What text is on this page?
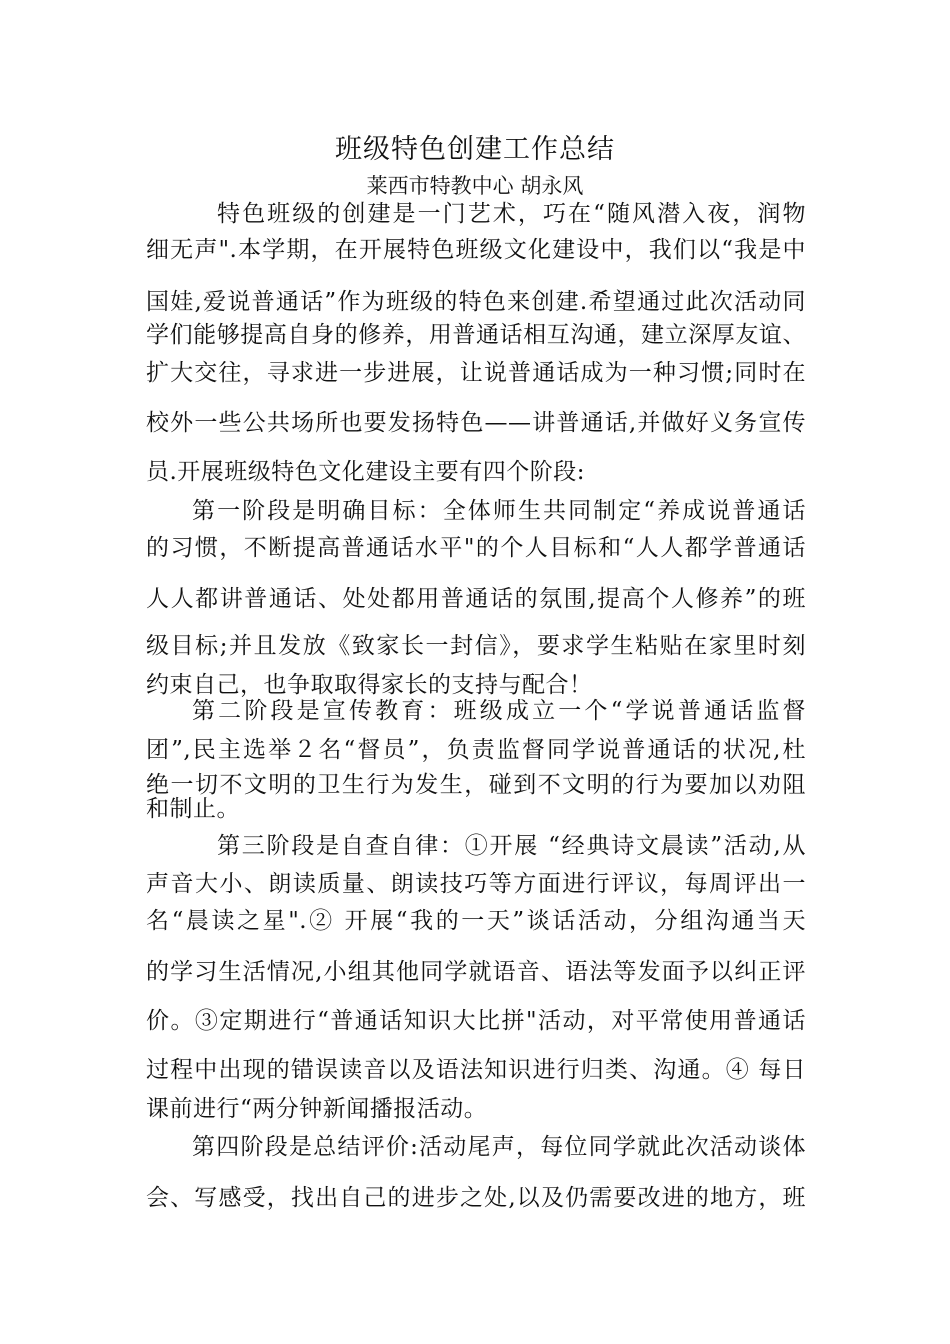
班级特色创建工作总结
莱西市特教中心 胡永风
特色班级的创建是一门艺术，巧在“随风潜入夜，润物
细无声".本学期，在开展特色班级文化建设中，我们以“我是中
国娃,爱说普通话”作为班级的特色来创建.希望通过此次活动同
学们能够提高自身的修养，用普通话相互沟通，建立深厚友谊、
扩大交往，寻求进一步进展，让说普通话成为一种习惯;同时在
校外一些公共场所也要发扬特色——讲普通话,并做好义务宣传
员.开展班级特色文化建设主要有四个阶段:
第一阶段是明确目标：全体师生共同制定“养成说普通话
的习惯，不断提高普通话水平"的个人目标和“人人都学普通话
人人都讲普通话、处处都用普通话的氛围,提高个人修养”的班
级目标;并且发放《致家长一封信》，要求学生粘贴在家里时刻
约束自己，也争取取得家长的支持与配合！
第二阶段是宣传教育：班级成立一个“学说普通话监督
团”,民主选举２名“督员”，负责监督同学说普通话的状况,杜
绝一切不文明的卫生行为发生，碰到不文明的行为要加以劝阻
和制止。
第三阶段是自查自律：①开展 “经典诗文晨读”活动,从
声音大小、朗读质量、朗读技巧等方面进行评议，每周评出一
名“晨读之星".② 开展“我的一天”谈话活动，分组沟通当天
的学习生活情况,小组其他同学就语音、语法等发面予以纠正评
价。③定期进行“普通话知识大比拼"活动，对平常使用普通话
过程中出现的错误读音以及语法知识进行归类、沟通。④ 每日
课前进行“两分钟新闻播报活动。
第四阶段是总结评价:活动尾声，每位同学就此次活动谈体
会、写感受，找出自己的进步之处,以及仍需要改进的地方，班
